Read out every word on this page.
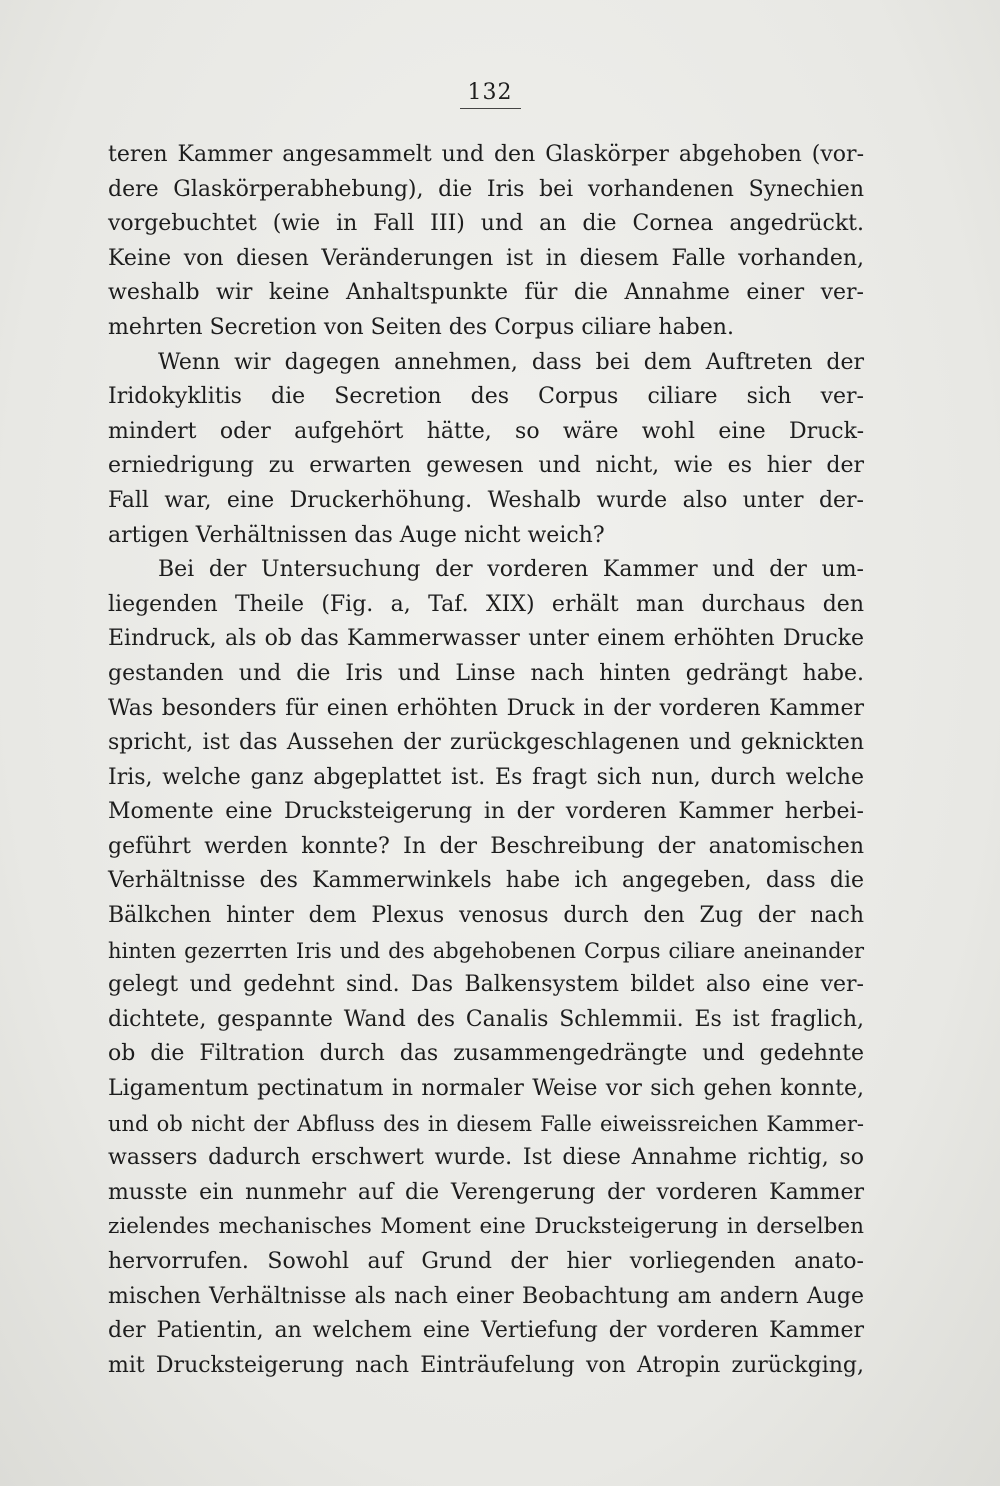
132
teren Kammer angesammelt und den Glaskörper abgehoben (vor-
dere Glaskörperabhebung), die Iris bei vorhandenen Synechien
vorgebuchtet (wie in Fall III) und an die Cornea angedrückt.
Keine von diesen Veränderungen ist in diesem Falle vorhanden,
weshalb wir keine Anhaltspunkte für die Annahme einer ver-
mehrten Secretion von Seiten des Corpus ciliare haben.
Wenn wir dagegen annehmen, dass bei dem Auftreten der
Iridokyklitis die Secretion des Corpus ciliare sich ver-
mindert oder aufgehört hätte, so wäre wohl eine Druck-
erniedrigung zu erwarten gewesen und nicht, wie es hier der
Fall war, eine Druckerhöhung. Weshalb wurde also unter der-
artigen Verhältnissen das Auge nicht weich?
Bei der Untersuchung der vorderen Kammer und der um-
liegenden Theile (Fig. a, Taf. XIX) erhält man durchaus den
Eindruck, als ob das Kammerwasser unter einem erhöhten Drucke
gestanden und die Iris und Linse nach hinten gedrängt habe.
Was besonders für einen erhöhten Druck in der vorderen Kammer
spricht, ist das Aussehen der zurückgeschlagenen und geknickten
Iris, welche ganz abgeplattet ist. Es fragt sich nun, durch welche
Momente eine Drucksteigerung in der vorderen Kammer herbei-
geführt werden konnte? In der Beschreibung der anatomischen
Verhältnisse des Kammerwinkels habe ich angegeben, dass die
Bälkchen hinter dem Plexus venosus durch den Zug der nach
hinten gezerrten Iris und des abgehobenen Corpus ciliare aneinander
gelegt und gedehnt sind. Das Balkensystem bildet also eine ver-
dichtete, gespannte Wand des Canalis Schlemmii. Es ist fraglich,
ob die Filtration durch das zusammengedrängte und gedehnte
Ligamentum pectinatum in normaler Weise vor sich gehen konnte,
und ob nicht der Abfluss des in diesem Falle eiweissreichen Kammer-
wassers dadurch erschwert wurde. Ist diese Annahme richtig, so
musste ein nunmehr auf die Verengerung der vorderen Kammer
zielendes mechanisches Moment eine Drucksteigerung in derselben
hervorrufen. Sowohl auf Grund der hier vorliegenden anato-
mischen Verhältnisse als nach einer Beobachtung am andern Auge
der Patientin, an welchem eine Vertiefung der vorderen Kammer
mit Drucksteigerung nach Einträufelung von Atropin zurückging,
